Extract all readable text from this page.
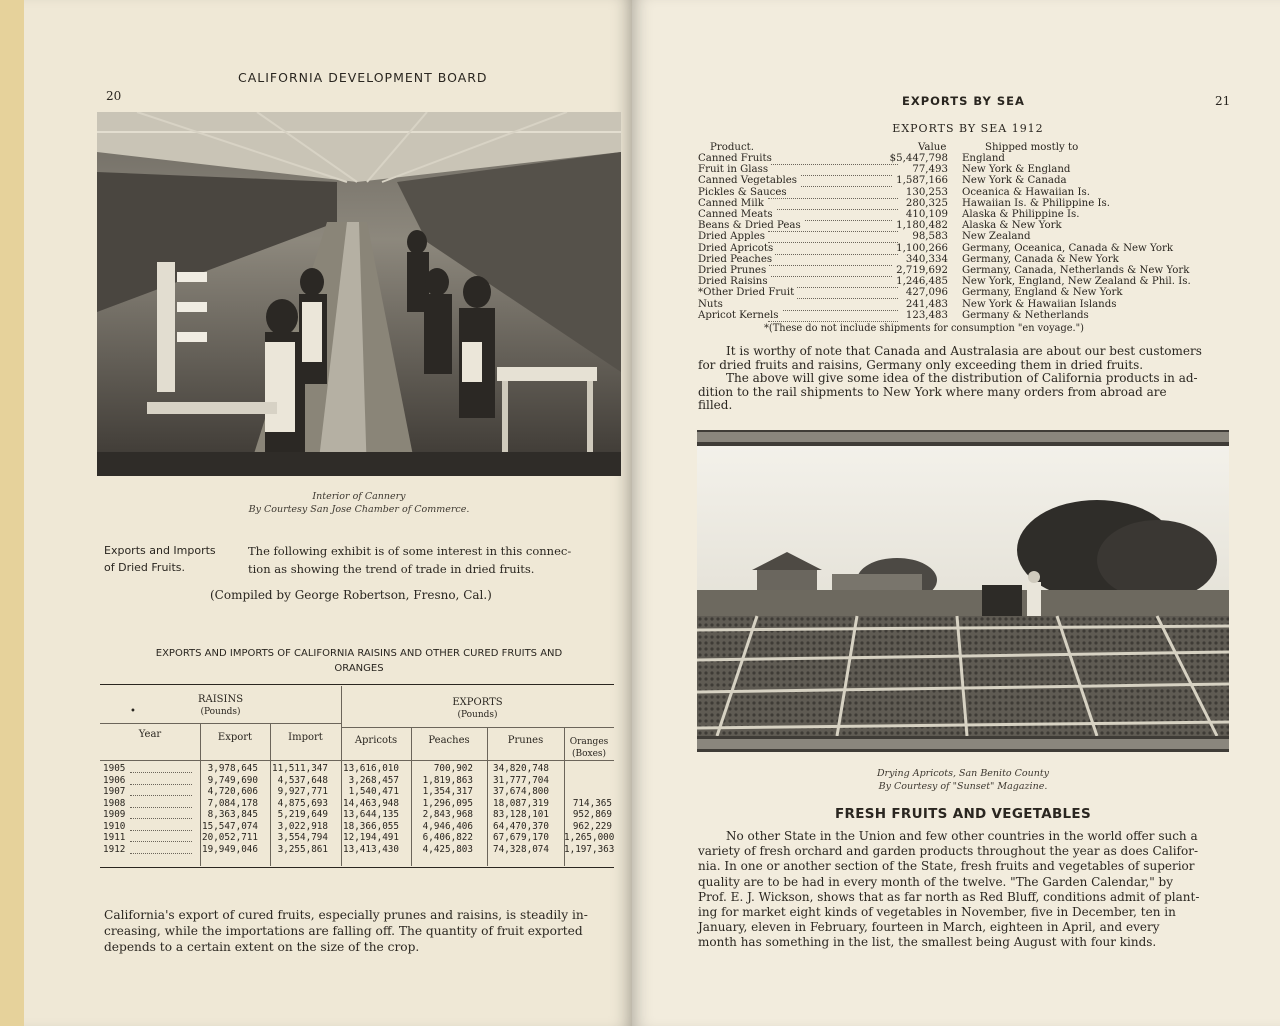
20
CALIFORNIA DEVELOPMENT BOARD
Interior of Cannery
By Courtesy San Jose Chamber of Commerce.
Exports and Imports
of Dried Fruits.
The following exhibit is of some interest in this connec-
tion as showing the trend of trade in dried fruits.
(Compiled by George Robertson, Fresno, Cal.)
EXPORTS AND IMPORTS OF CALIFORNIA RAISINS AND OTHER CURED FRUITS AND
ORANGES
RAISINS
(Pounds)
•
EXPORTS
(Pounds)
Year	Export	Import	Apricots	Peaches	Prunes	Oranges
(Boxes)
1905	3,978,645 11,511,347 13,616,010	700,902	34,820,748
1906	9,749,690	4,537,648	3,268,457	1,819,863	31,777,704
1907	4,720,606	9,927,771	1,540,471	1,354,317	37,674,800
1908	7,084,178	4,875,693 14,463,948	1,296,095	18,087,319	714,365
1909	8,363,845	5,219,649 13,644,135	2,843,968	83,128,101	952,869
1910	15,547,074	3,022,918 18,366,055	4,946,406	64,470,370	962,229
1911	20,052,711	3,554,794 12,194,491	6,406,822	67,679,170 1,265,000
1912	19,949,046	3,255,861 13,413,430	4,425,803	74,328,074 1,197,363
California's export of cured fruits, especially prunes and raisins, is steadily in-
creasing, while the importations are falling off. The quantity of fruit exported
depends to a certain extent on the size of the crop.
EXPORTS BY SEA	21
EXPORTS BY SEA 1912
Product.	Value	Shipped mostly to
Canned Fruits	$5,447,798 England
Fruit in Glass	77,493 New York & England
Canned Vegetables	1,587,166 New York & Canada
Pickles & Sauces	130,253 Oceanica & Hawaiian Is.
Canned Milk	280,325 Hawaiian Is. & Philippine Is.
Canned Meats	410,109 Alaska & Philippine Is.
Beans & Dried Peas	1,180,482 Alaska & New York
Dried Apples	98,583 New Zealand
Dried Apricots	1,100,266 Germany, Oceanica, Canada & New York
Dried Peaches	340,334 Germany, Canada & New York
Dried Prunes	2,719,692 Germany, Canada, Netherlands & New York
Dried Raisins	1,246,485 New York, England, New Zealand & Phil. Is.
*Other Dried Fruit	427,096 Germany, England & New York
Nuts	241,483 New York & Hawaiian Islands
Apricot Kernels	123,483 Germany & Netherlands
*(These do not include shipments for consumption "en voyage.")
It is worthy of note that Canada and Australasia are about our best customers
for dried fruits and raisins, Germany only exceeding them in dried fruits.
The above will give some idea of the distribution of California products in ad-
dition to the rail shipments to New York where many orders from abroad are
filled.
Drying Apricots, San Benito County
By Courtesy of "Sunset" Magazine.
FRESH FRUITS AND VEGETABLES
No other State in the Union and few other countries in the world offer such a
variety of fresh orchard and garden products throughout the year as does Califor-
nia. In one or another section of the State, fresh fruits and vegetables of superior
quality are to be had in every month of the twelve. "The Garden Calendar," by
Prof. E. J. Wickson, shows that as far north as Red Bluff, conditions admit of plant-
ing for market eight kinds of vegetables in November, five in December, ten in
January, eleven in February, fourteen in March, eighteen in April, and every
month has something in the list, the smallest being August with four kinds.
